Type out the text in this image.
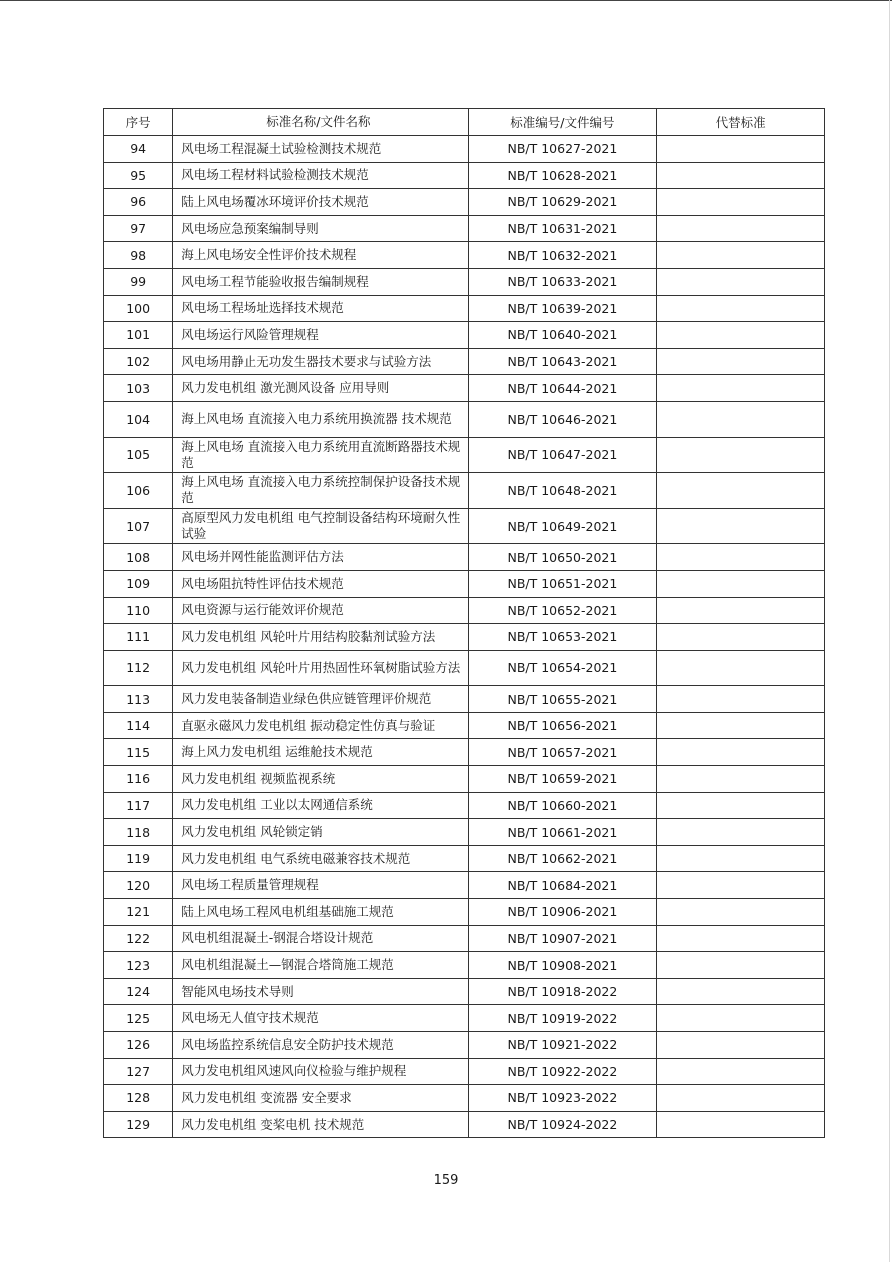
序号	标准名称/文件名称	标准编号/文件编号	代替标准
94	风电场工程混凝土试验检测技术规范	NB/T 10627-2021	
95	风电场工程材料试验检测技术规范	NB/T 10628-2021	
96	陆上风电场覆冰环境评价技术规范	NB/T 10629-2021	
97	风电场应急预案编制导则	NB/T 10631-2021	
98	海上风电场安全性评价技术规程	NB/T 10632-2021	
99	风电场工程节能验收报告编制规程	NB/T 10633-2021	
100	风电场工程场址选择技术规范	NB/T 10639-2021	
101	风电场运行风险管理规程	NB/T 10640-2021	
102	风电场用静止无功发生器技术要求与试验方法	NB/T 10643-2021	
103	风力发电机组 激光测风设备 应用导则	NB/T 10644-2021	
104	海上风电场 直流接入电力系统用换流器 技术规范	NB/T 10646-2021	
105	海上风电场 直流接入电力系统用直流断路器技术规范	NB/T 10647-2021	
106	海上风电场 直流接入电力系统控制保护设备技术规范	NB/T 10648-2021	
107	高原型风力发电机组 电气控制设备结构环境耐久性试验	NB/T 10649-2021	
108	风电场并网性能监测评估方法	NB/T 10650-2021	
109	风电场阻抗特性评估技术规范	NB/T 10651-2021	
110	风电资源与运行能效评价规范	NB/T 10652-2021	
111	风力发电机组 风轮叶片用结构胶黏剂试验方法	NB/T 10653-2021	
112	风力发电机组 风轮叶片用热固性环氧树脂试验方法	NB/T 10654-2021	
113	风力发电装备制造业绿色供应链管理评价规范	NB/T 10655-2021	
114	直驱永磁风力发电机组 振动稳定性仿真与验证	NB/T 10656-2021	
115	海上风力发电机组 运维舱技术规范	NB/T 10657-2021	
116	风力发电机组 视频监视系统	NB/T 10659-2021	
117	风力发电机组 工业以太网通信系统	NB/T 10660-2021	
118	风力发电机组 风轮锁定销	NB/T 10661-2021	
119	风力发电机组 电气系统电磁兼容技术规范	NB/T 10662-2021	
120	风电场工程质量管理规程	NB/T 10684-2021	
121	陆上风电场工程风电机组基础施工规范	NB/T 10906-2021	
122	风电机组混凝土-钢混合塔设计规范	NB/T 10907-2021	
123	风电机组混凝土—钢混合塔筒施工规范	NB/T 10908-2021	
124	智能风电场技术导则	NB/T 10918-2022	
125	风电场无人值守技术规范	NB/T 10919-2022	
126	风电场监控系统信息安全防护技术规范	NB/T 10921-2022	
127	风力发电机组风速风向仪检验与维护规程	NB/T 10922-2022	
128	风力发电机组 变流器 安全要求	NB/T 10923-2022	
129	风力发电机组 变桨电机 技术规范	NB/T 10924-2022	
159
